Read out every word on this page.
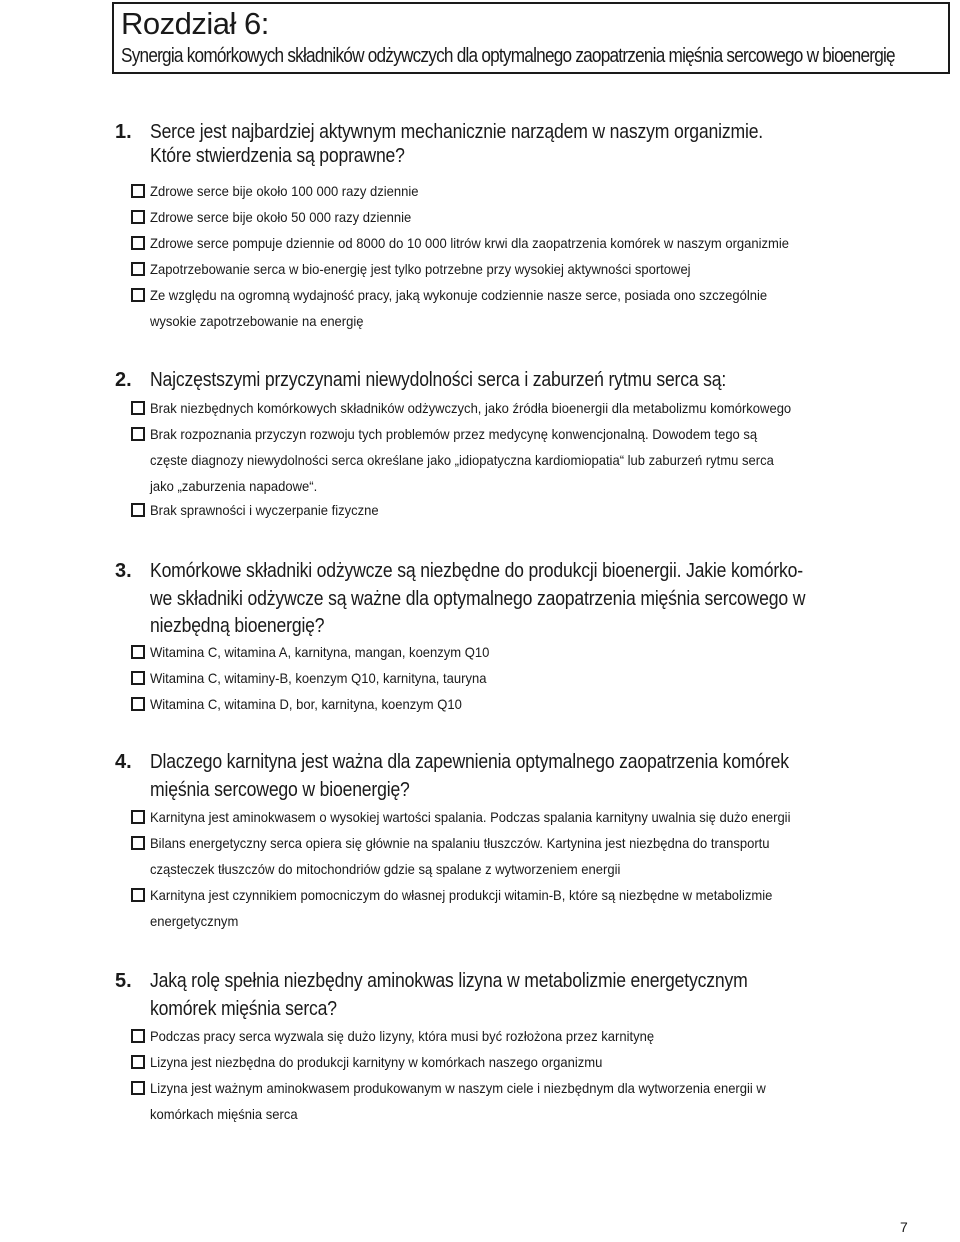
Rozdział 6:
Synergia komórkowych składników odżywczych dla optymalnego zaopatrzenia mięśnia sercowego w bioenergię
1. Serce jest najbardziej aktywnym mechanicznie narządem w naszym organizmie.
Które stwierdzenia są poprawne?
Zdrowe serce bije około 100 000 razy dziennie
Zdrowe serce bije około 50 000 razy dziennie
Zdrowe serce pompuje dziennie od 8000 do 10 000 litrów krwi dla zaopatrzenia komórek w naszym organizmie
Zapotrzebowanie serca w bio-energię jest tylko potrzebne przy wysokiej aktywności sportowej
Ze względu na ogromną wydajność pracy, jaką wykonuje codziennie nasze serce, posiada ono szczególnie
wysokie zapotrzebowanie na energię
2. Najczęstszymi przyczynami niewydolności serca i zaburzeń rytmu serca są:
Brak niezbędnych komórkowych składników odżywczych, jako źródła bioenergii dla metabolizmu komórkowego
Brak rozpoznania przyczyn rozwoju tych problemów przez medycynę konwencjonalną. Dowodem tego są
częste diagnozy niewydolności serca określane jako „idiopatyczna kardiomiopatia“ lub zaburzeń rytmu serca
jako „zaburzenia napadowe“.
Brak sprawności i wyczerpanie fizyczne
3. Komórkowe składniki odżywcze są niezbędne do produkcji bioenergii. Jakie komórko-
we składniki odżywcze są ważne dla optymalnego zaopatrzenia mięśnia sercowego w
niezbędną bioenergię?
Witamina C, witamina A, karnityna, mangan, koenzym Q10
Witamina C, witaminy-B, koenzym Q10, karnityna, tauryna
Witamina C, witamina D, bor, karnityna, koenzym Q10
4. Dlaczego karnityna jest ważna dla zapewnienia optymalnego zaopatrzenia komórek
mięśnia sercowego w bioenergię?
Karnityna jest aminokwasem o wysokiej wartości spalania. Podczas spalania karnityny uwalnia się dużo energii
Bilans energetyczny serca opiera się głównie na spalaniu tłuszczów. Kartynina jest niezbędna do transportu
cząsteczek tłuszczów do mitochondriów gdzie są spalane z wytworzeniem energii
Karnityna jest czynnikiem pomocniczym do własnej produkcji witamin-B, które są niezbędne w metabolizmie
energetycznym
5. Jaką rolę spełnia niezbędny aminokwas lizyna w metabolizmie energetycznym
komórek mięśnia serca?
Podczas pracy serca wyzwala się dużo lizyny, która musi być rozłożona przez karnitynę
Lizyna jest niezbędna do produkcji karnityny w komórkach naszego organizmu
Lizyna jest ważnym aminokwasem produkowanym w naszym ciele i niezbędnym dla wytworzenia energii w
komórkach mięśnia serca
7
